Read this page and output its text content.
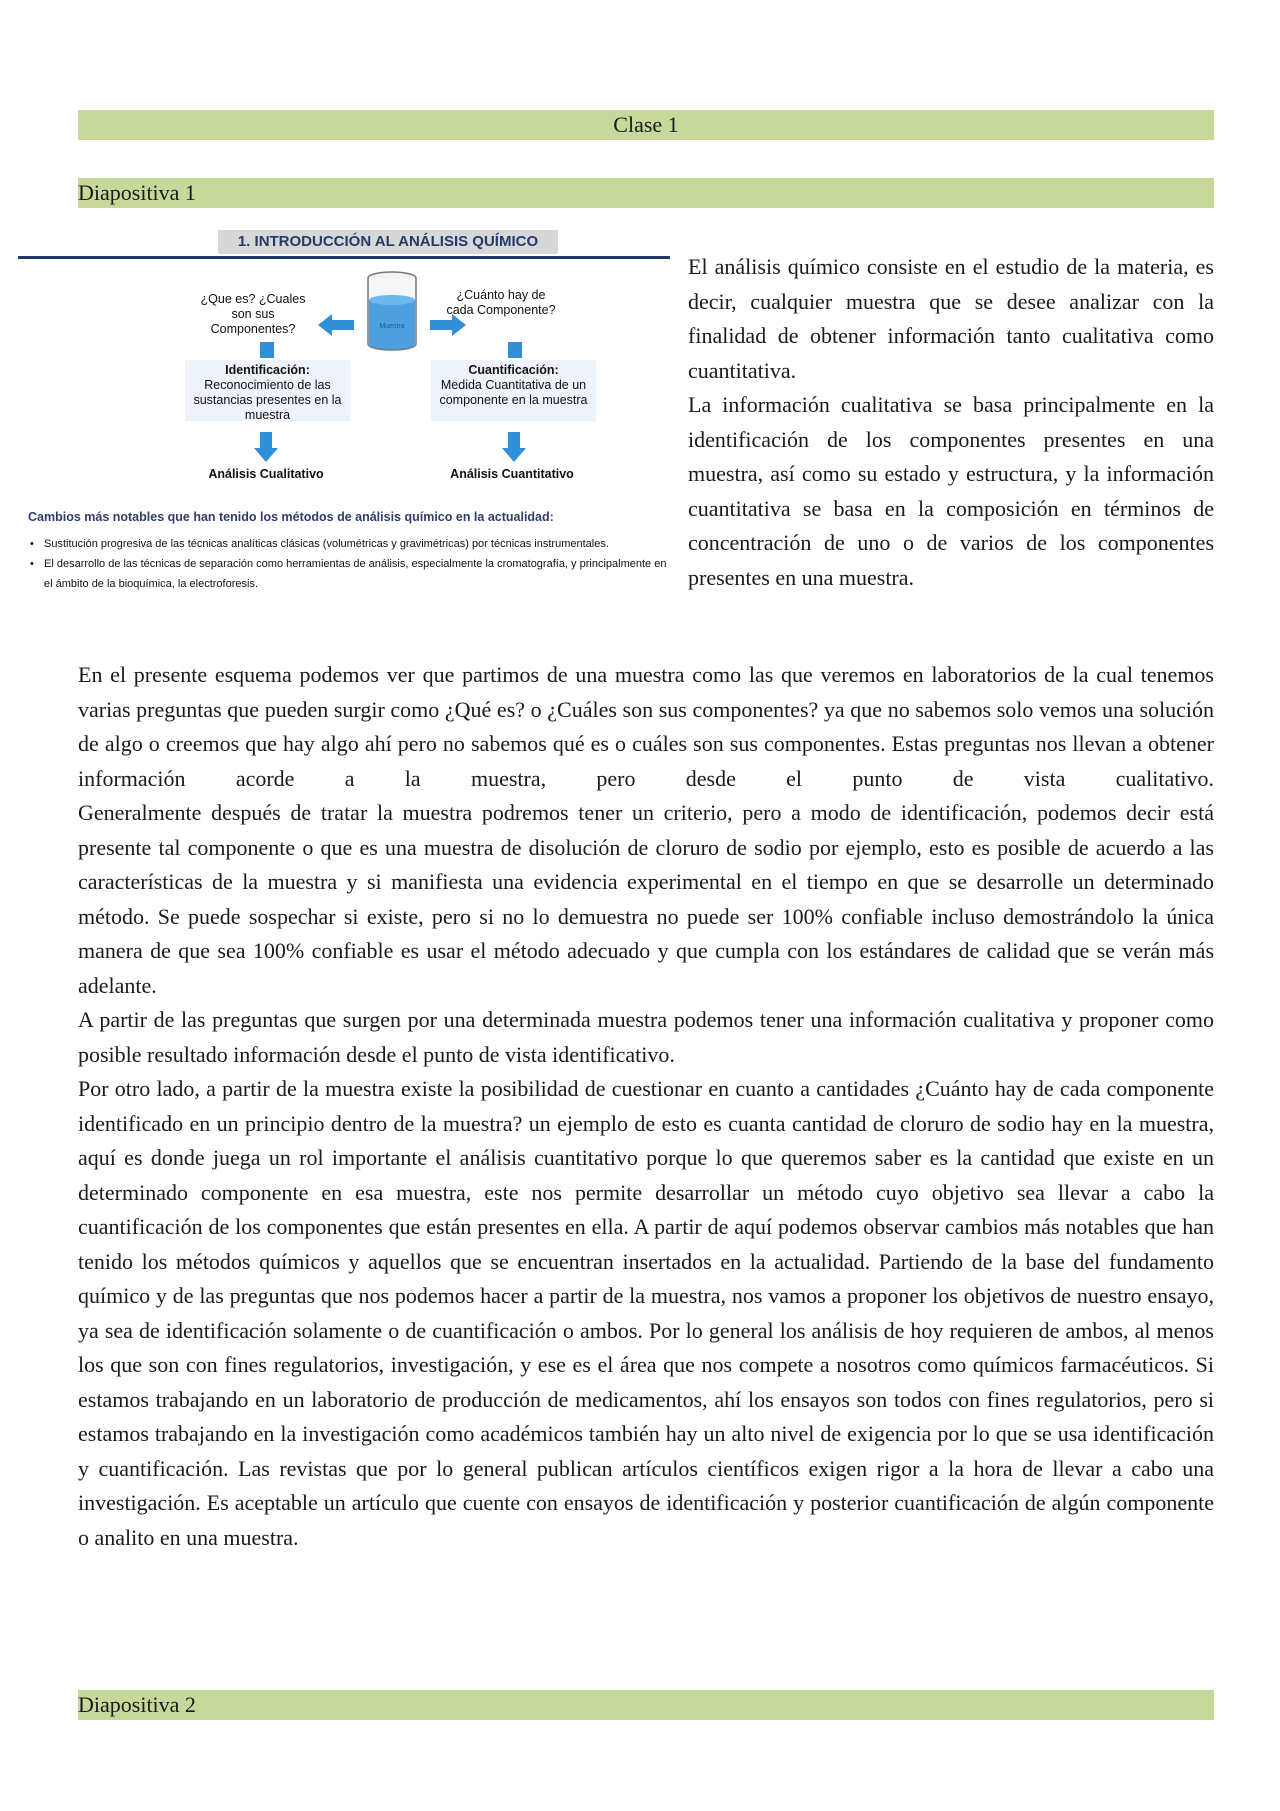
Clase 1
Diapositiva 1
1. INTRODUCCIÓN AL ANÁLISIS QUÍMICO
¿Que es? ¿Cuales son sus Componentes?
¿Cuánto hay de cada Componente?
Muestra
Identificación:
Reconocimiento de las sustancias presentes en la muestra
Cuantificación:
Medida Cuantitativa de un componente en la muestra
Análisis Cualitativo	Análisis Cuantitativo
Cambios más notables que han tenido los métodos de análisis químico en la actualidad:
• Sustitución progresiva de las técnicas analíticas clásicas (volumétricas y gravimétricas) por técnicas instrumentales.
• El desarrollo de las técnicas de separación como herramientas de análisis, especialmente la cromatografía, y principalmente en el ámbito de la bioquímica, la electroforesis.

El análisis químico consiste en el estudio de la materia, es decir, cualquier muestra que se desee analizar con la finalidad de obtener información tanto cualitativa como cuantitativa.

La información cualitativa se basa principalmente en la identificación de los componentes presentes en una muestra, así como su estado y estructura, y la información cuantitativa se basa en la composición en términos de concentración de uno o de varios de los componentes presentes en una muestra.

En el presente esquema podemos ver que partimos de una muestra como las que veremos en laboratorios de la cual tenemos varias preguntas que pueden surgir como ¿Qué es? o ¿Cuáles son sus componentes? ya que no sabemos solo vemos una solución de algo o creemos que hay algo ahí pero no sabemos qué es o cuáles son sus componentes. Estas preguntas nos llevan a obtener información acorde a la muestra, pero desde el punto de vista cualitativo.

Generalmente después de tratar la muestra podremos tener un criterio, pero a modo de identificación, podemos decir está presente tal componente o que es una muestra de disolución de cloruro de sodio por ejemplo, esto es posible de acuerdo a las características de la muestra y si manifiesta una evidencia experimental en el tiempo en que se desarrolle un determinado método. Se puede sospechar si existe, pero si no lo demuestra no puede ser 100% confiable incluso demostrándolo la única manera de que sea 100% confiable es usar el método adecuado y que cumpla con los estándares de calidad que se verán más adelante.

A partir de las preguntas que surgen por una determinada muestra podemos tener una información cualitativa y proponer como posible resultado información desde el punto de vista identificativo.

Por otro lado, a partir de la muestra existe la posibilidad de cuestionar en cuanto a cantidades ¿Cuánto hay de cada componente identificado en un principio dentro de la muestra? un ejemplo de esto es cuanta cantidad de cloruro de sodio hay en la muestra, aquí es donde juega un rol importante el análisis cuantitativo porque lo que queremos saber es la cantidad que existe en un determinado componente en esa muestra, este nos permite desarrollar un método cuyo objetivo sea llevar a cabo la cuantificación de los componentes que están presentes en ella. A partir de aquí podemos observar cambios más notables que han tenido los métodos químicos y aquellos que se encuentran insertados en la actualidad. Partiendo de la base del fundamento químico y de las preguntas que nos podemos hacer a partir de la muestra, nos vamos a proponer los objetivos de nuestro ensayo, ya sea de identificación solamente o de cuantificación o ambos. Por lo general los análisis de hoy requieren de ambos, al menos los que son con fines regulatorios, investigación, y ese es el área que nos compete a nosotros como químicos farmacéuticos. Si estamos trabajando en un laboratorio de producción de medicamentos, ahí los ensayos son todos con fines regulatorios, pero si estamos trabajando en la investigación como académicos también hay un alto nivel de exigencia por lo que se usa identificación y cuantificación. Las revistas que por lo general publican artículos científicos exigen rigor a la hora de llevar a cabo una investigación. Es aceptable un artículo que cuente con ensayos de identificación y posterior cuantificación de algún componente o analito en una muestra.

Diapositiva 2
